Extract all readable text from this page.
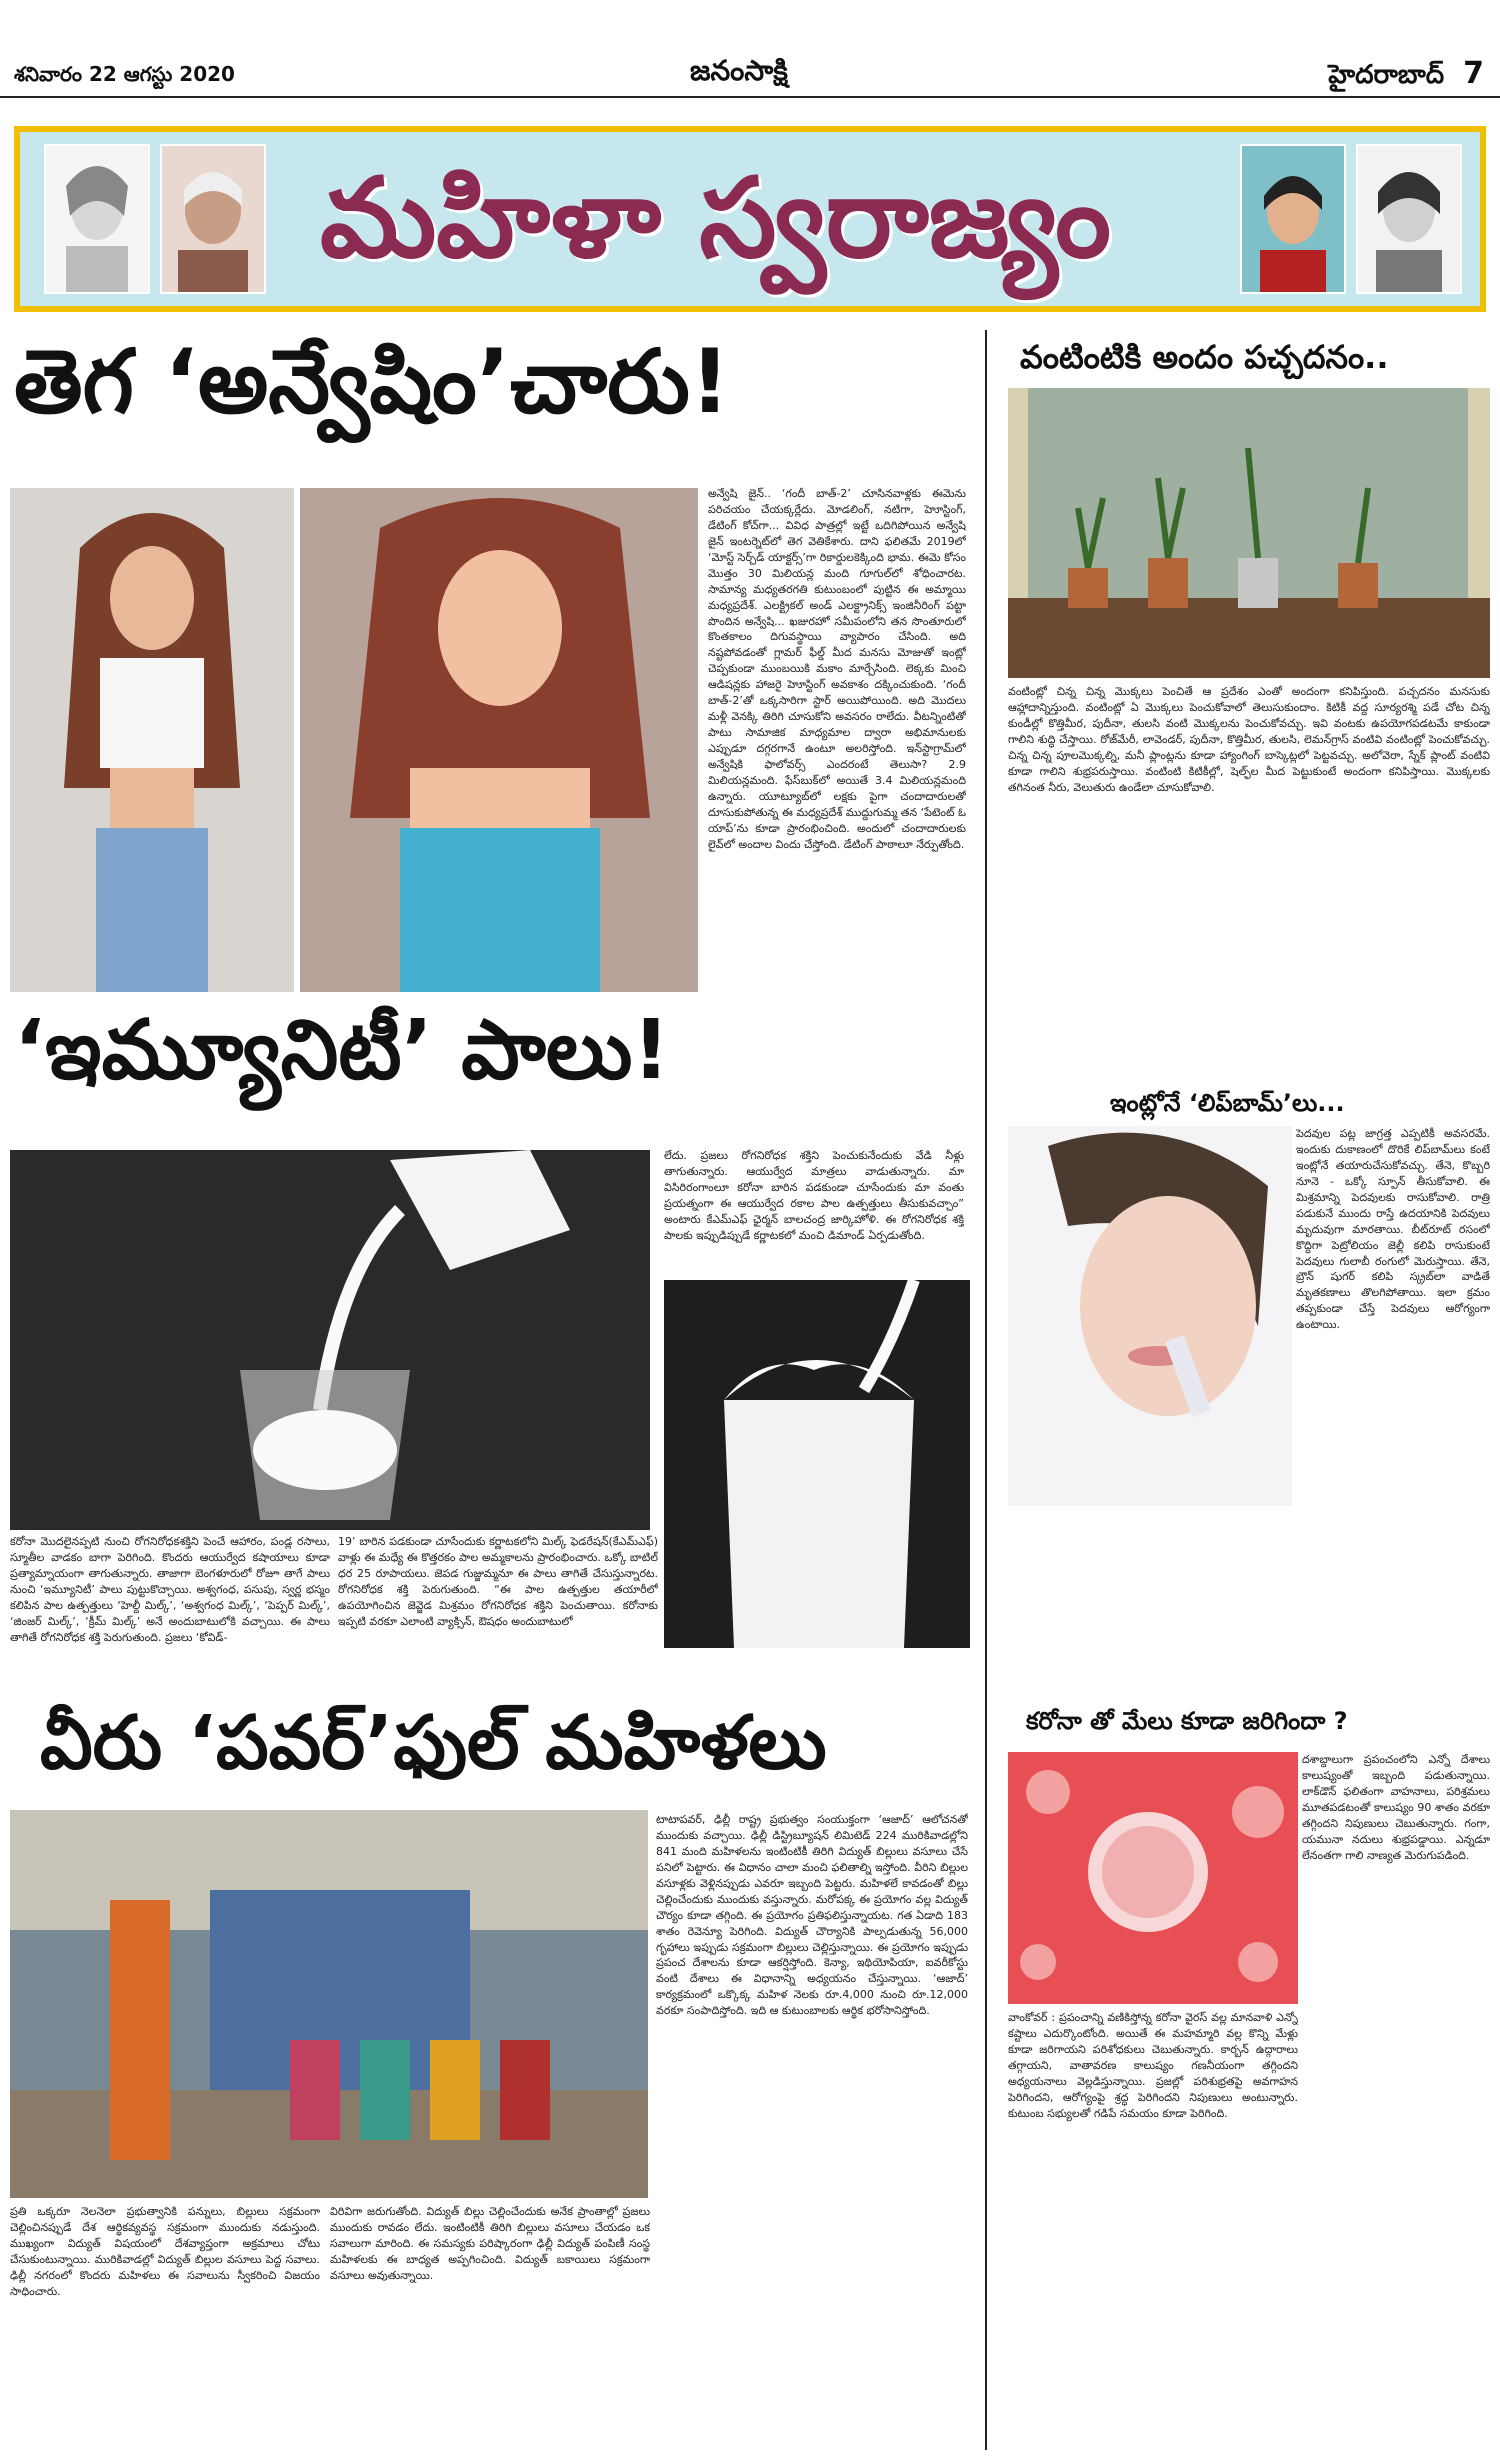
శనివారం 22 ఆగస్టు 2020	జనంసాక్షి	హైదరాబాద్ 7
మహిళా స్వరాజ్యం
తెగ ‘అన్వేషిం’చారు!
అన్వేషి జైన్‌.. ‘గందీ బాత్‌-2’ చూసినవాళ్లకు ఈమెను పరిచయం చేయక్కర్లేదు. మోడలింగ్, నటిగా, హెూస్టింగ్, డేటింగ్ కోచ్‌గా... వివిధ పాత్రల్లో ఇట్టే ఒదిగిపోయిన అన్వేషి జైన్‌ ఇంటర్నెట్‌లో తెగ వెతికేశారు. దాని ఫలితమే 2019లో ‘మోస్ట్ సెర్చ్‌డ్ యాక్టర్స్’గా రికార్డులకెక్కింది భామ. ఈమె కోసం మొత్తం 30 మిలియన్ల మంది గూగుల్‌లో శోధించారట. సామాన్య మధ్యతరగతి కుటుంబంలో పుట్టిన ఈ అమ్మాయి మధ్యప్రదేశ్‌. ఎలక్ట్రికల్ అండ్ ఎలక్ట్రానిక్స్ ఇంజినీరింగ్ పట్టా పొందిన అన్వేషి... ఖజురహో సమీపంలోని తన సొంతూరులో కొంతకాలం దిగువస్థాయి వ్యాపారం చేసింది. అది నష్టపోవడంతో గ్లామర్ ఫీల్డ్ మీద మనసు మోజుతో ఇంట్లో చెప్పకుండా ముంబయికి మకాం మార్చేసింది. లెక్కకు మించి ఆడిషన్లకు హాజరై హెూస్టింగ్ అవకాశం దక్కించుకుంది. ‘గందీ బాత్‌-2’తో ఒక్కసారిగా స్టార్ అయిపోయింది. అది మొదలు మళ్లీ వెనక్కి తిరిగి చూసుకోని అవసరం రాలేదు. వీటన్నింటితో పాటు సామాజిక మాధ్యమాల ద్వారా అభిమానులకు ఎప్పుడూ దగ్గరగానే ఉంటూ అలరిస్తోంది. ఇన్‌స్టాగ్రామ్‌లో అన్వేషికి ఫాలోవర్స్ ఎందరంటే తెలుసా? 2.9 మిలియన్లమంది. ఫేస్‌బుక్‌లో అయితే 3.4 మిలియన్లమంది ఉన్నారు. యూట్యూబ్‌లో లక్షకు పైగా చందాదారులతో దూసుకుపోతున్న ఈ మధ్యప్రదేశ్ ముద్దుగుమ్మ తన ‘పేటెంట్‌ ఓ యాప్‌’ను కూడా ప్రారంభించింది. అందులో చందాదారులకు లైవ్‌లో అందాల విందు చేస్తోంది. డేటింగ్ పాఠాలూ నేర్పుతోంది.
‘ఇమ్యూనిటీ’ పాలు!
లేదు. ప్రజలు రోగనిరోధక శక్తిని పెంచుకునేందుకు వేడి నీళ్లు తాగుతున్నారు. ఆయుర్వేద మాత్రలు వాడుతున్నారు. మా విసిరిరంగాంలూ కరోనా బారిన పడకుండా చూసేందుకు మా వంతు ప్రయత్నంగా ఈ ఆయుర్వేద రకాల పాల ఉత్పత్తులు తీసుకువచ్చాం” అంటారు కేఎమ్‌ఎఫ్ ఛైర్మన్ బాలచంద్ర జార్కిహోళి. ఈ రోగనిరోధక శక్తి పాలకు ఇప్పుడిప్పుడే కర్ణాటకలో మంచి డిమాండ్ ఏర్పడుతోంది.
కరోనా మొదలైనప్పటి నుంచి రోగనిరోధకశక్తిని పెంచే ఆహారం, పండ్ల రసాలు, స్మూతీల వాడకం బాగా పెరిగింది. కొందరు ఆయుర్వేద కషాయాలు కూడా ప్రత్యామ్నాయంగా తాగుతున్నారు. తాజాగా బెంగళూరులో రోజూ తాగే పాలు నుంచి ‘ఇమ్యూనిటీ’ పాలు పుట్టుకొచ్చాయి. అశ్వగంధ, పసుపు, స్వర్ణ భస్మం కలిపిన పాల ఉత్పత్తులు ‘హెల్దీ మిల్క్’, ‘అశ్వగంధ మిల్క్’, ‘పెప్పర్ మిల్క్’, ‘జింజర్ మిల్క్’, ‘క్రీమ్ మిల్క్’ అనే అందుబాటులోకి వచ్చాయి. ఈ పాలు తాగితే రోగనిరోధక శక్తి పెరుగుతుంది. ప్రజలు ‘కోవిడ్-
19’ బారిన పడకుండా చూసేందుకు కర్ణాటకలోని మిల్క్ ఫెడరేషన్(కేఎమ్‌ఎఫ్) వాళ్లు ఈ మధ్యే ఈ కొత్తరకం పాల అమ్మకాలను ప్రారంభించారు. ఒక్కో బాటిల్ ధర 25 రూపాయలు. జెపడ గుజ్జుమ్మనూ ఈ పాలు తాగితే చేసుస్తున్నారట. రోగనిరోధక శక్తి పెరుగుతుంది. “ఈ పాల ఉత్పత్తుల తయారీలో ఉపయోగించిన జెవ్జెడ మిశ్రమం రోగనిరోధక శక్తిని పెంచుతాయి. కరోనాకు ఇప్పటి వరకూ ఎలాంటి వ్యాక్సిన్, ఔషధం అందుబాటులో
వీరు ‘పవర్’ఫుల్ మహిళలు
టాటాపవర్, ఢిల్లీ రాష్ట్ర ప్రభుత్వం సంయుక్తంగా ‘ఆజాద్’ ఆలోచనతో ముందుకు వచ్చాయి. ఢిల్లీ డిస్ట్రిబ్యూషన్ లిమిటెడ్ 224 మురికివాడల్లోని 841 మంది మహిళలను ఇంటింటికీ తిరిగి విద్యుత్ బిల్లులు వసూలు చేసే పనిలో పెట్టారు. ఈ విధానం చాలా మంచి ఫలితాల్ని ఇస్తోంది. వీరిని బిల్లుల వసూళ్లకు వెళ్లినప్పుడు ఎవరూ ఇబ్బంది పెట్టరు. మహిళలే కావడంతో బిల్లు చెల్లించేందుకు ముందుకు వస్తున్నారు. మరోపక్క ఈ ప్రయోగం వల్ల విద్యుత్ చౌర్యం కూడా తగ్గింది. ఈ ప్రయోగం ప్రతిఫలిస్తున్నాయట. గత ఏడాది 183 శాతం రెవెన్యూ పెరిగింది. విద్యుత్ చౌర్యానికి పాల్పడుతున్న 56,000 గృహాలు ఇప్పుడు సక్రమంగా బిల్లులు చెల్లిస్తున్నాయి. ఈ ప్రయోగం ఇప్పుడు ప్రపంచ దేశాలను కూడా ఆకర్షిస్తోంది. కెన్యా, ఇథియోపియా, ఐవరీకోస్టు వంటి దేశాలు ఈ విధానాన్ని అధ్యయనం చేస్తున్నాయి. ‘ఆజాద్’ కార్యక్రమంలో ఒక్కొక్క మహిళ నెలకు రూ.4,000 నుంచి రూ.12,000 వరకూ సంపాదిస్తోంది. ఇది ఆ కుటుంబాలకు ఆర్థిక భరోసానిస్తోంది.
ప్రతి ఒక్కరూ నెలనెలా ప్రభుత్వానికి పన్నులు, బిల్లులు సక్రమంగా చెల్లించినప్పుడే దేశ ఆర్థికవ్యవస్థ సక్రమంగా ముందుకు నడుస్తుంది. ముఖ్యంగా విద్యుత్ విషయంలో దేశవ్యాప్తంగా అక్రమాలు చోటు చేసుకుంటున్నాయి. మురికివాడల్లో విద్యుత్ బిల్లుల వసూలు పెద్ద సవాలు. ఢిల్లీ నగరంలో కొందరు మహిళలు ఈ సవాలును స్వీకరించి విజయం సాధించారు.
విరివిగా జరుగుతోంది. విద్యుత్ బిల్లు చెల్లించేందుకు అనేక ప్రాంతాల్లో ప్రజలు ముందుకు రావడం లేదు. ఇంటింటికీ తిరిగి బిల్లులు వసూలు చేయడం ఒక సవాలుగా మారింది. ఈ సమస్యకు పరిష్కారంగా ఢిల్లీ విద్యుత్ పంపిణీ సంస్థ మహిళలకు ఈ బాధ్యత అప్పగించింది. విద్యుత్ బకాయిలు సక్రమంగా వసూలు అవుతున్నాయి.
వంటింటికి అందం పచ్చదనం..
వంటింట్లో చిన్న చిన్న మొక్కలు పెంచితే ఆ ప్రదేశం ఎంతో అందంగా కనిపిస్తుంది. పచ్చదనం మనసుకు ఆహ్లాదాన్నిస్తుంది. వంటింట్లో ఏ మొక్కలు పెంచుకోవాలో తెలుసుకుందాం. కిటికీ వద్ద సూర్యరశ్మి పడే చోట చిన్న కుండీల్లో కొత్తిమీర, పుదీనా, తులసి వంటి మొక్కలను పెంచుకోవచ్చు. ఇవి వంటకు ఉపయోగపడటమే కాకుండా గాలిని శుద్ధి చేస్తాయి. రోజ్‌మేరీ, లావెండర్, పుదీనా, కొత్తిమీర, తులసి, లెమన్‌గ్రాస్ వంటివి వంటింట్లో పెంచుకోవచ్చు. చిన్న చిన్న పూలమొక్కల్ని, మనీ ప్లాంట్లను కూడా హ్యాంగింగ్ బాస్కెట్లలో పెట్టవచ్చు. అలోవెరా, స్నేక్ ప్లాంట్ వంటివి కూడా గాలిని శుభ్రపరుస్తాయి. వంటింటి కిటికీల్లో, షెల్ఫ్‌ల మీద పెట్టుకుంటే అందంగా కనిపిస్తాయి. మొక్కలకు తగినంత నీరు, వెలుతురు ఉండేలా చూసుకోవాలి.
ఇంట్లోనే ‘లిప్‌బామ్’లు...
పెదవుల పట్ల జాగ్రత్త ఎప్పటికీ అవసరమే. ఇందుకు దుకాణంలో దొరికే లిప్‌బామ్‌లు కంటే ఇంట్లోనే తయారుచేసుకోవచ్చు. తేనె, కొబ్బరి నూనె - ఒక్కో స్పూన్ తీసుకోవాలి. ఈ మిశ్రమాన్ని పెదవులకు రాసుకోవాలి. రాత్రి పడుకునే ముందు రాస్తే ఉదయానికి పెదవులు మృదువుగా మారతాయి. బీట్‌రూట్ రసంలో కొద్దిగా పెట్రోలియం జెల్లీ కలిపి రాసుకుంటే పెదవులు గులాబీ రంగులో మెరుస్తాయి. తేనె, బ్రౌన్ షుగర్ కలిపి స్క్రబ్‌లా వాడితే మృతకణాలు తొలగిపోతాయి. ఇలా క్రమం తప్పకుండా చేస్తే పెదవులు ఆరోగ్యంగా ఉంటాయి.
కరోనా తో మేలు కూడా జరిగిందా ?
దశాబ్దాలుగా ప్రపంచంలోని ఎన్నో దేశాలు కాలుష్యంతో ఇబ్బంది పడుతున్నాయి. లాక్‌డౌన్ ఫలితంగా వాహనాలు, పరిశ్రమలు మూతపడటంతో కాలుష్యం 90 శాతం వరకూ తగ్గిందని నిపుణులు చెబుతున్నారు. గంగా, యమునా నదులు శుభ్రపడ్డాయి. ఎన్నడూ లేనంతగా గాలి నాణ్యత మెరుగుపడింది.
వాంకోవర్ : ప్రపంచాన్ని వణికిస్తోన్న కరోనా వైరస్ వల్ల మానవాళి ఎన్నో కష్టాలు ఎదుర్కొంటోంది. అయితే ఈ మహమ్మారి వల్ల కొన్ని మేళ్లు కూడా జరిగాయని పరిశోధకులు చెబుతున్నారు. కార్బన్ ఉద్గారాలు తగ్గాయని, వాతావరణ కాలుష్యం గణనీయంగా తగ్గిందని అధ్యయనాలు వెల్లడిస్తున్నాయి. ప్రజల్లో పరిశుభ్రతపై అవగాహన పెరిగిందని, ఆరోగ్యంపై శ్రద్ధ పెరిగిందని నిపుణులు అంటున్నారు. కుటుంబ సభ్యులతో గడిపే సమయం కూడా పెరిగింది.
